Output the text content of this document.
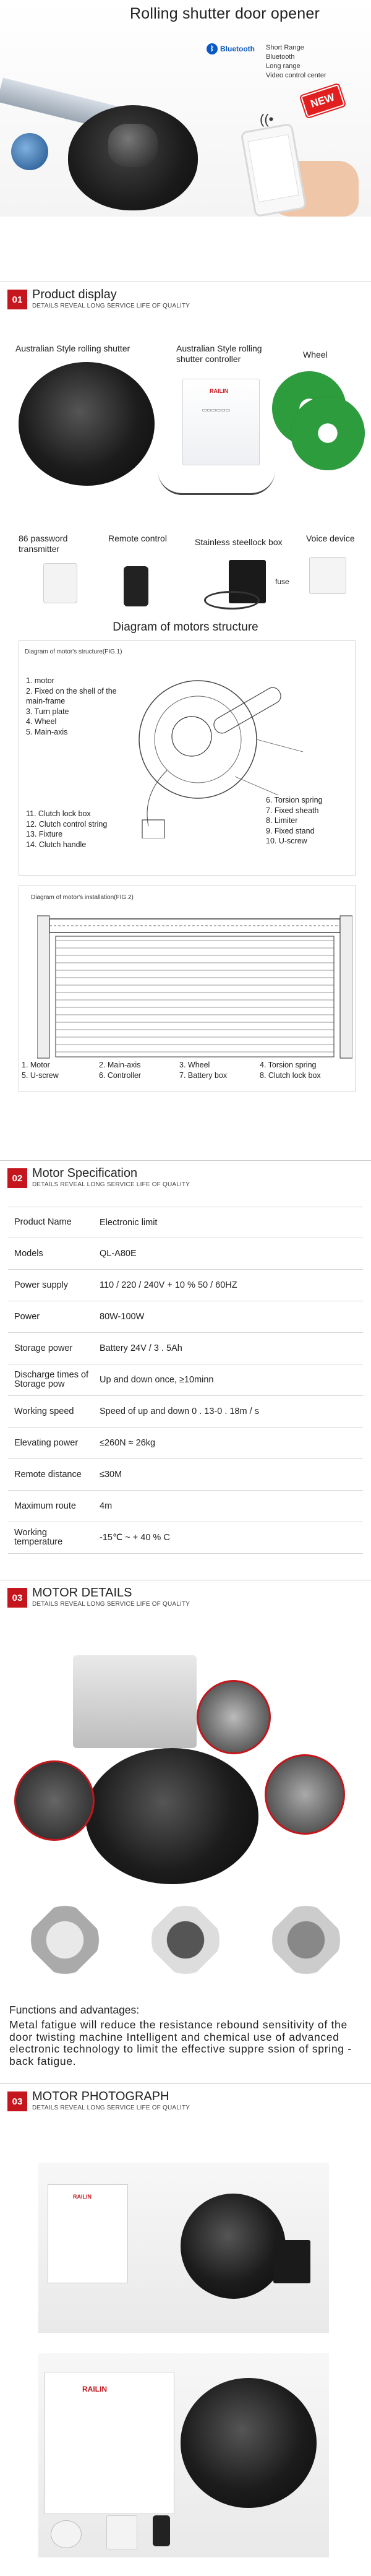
Rolling shutter door opener
ᛒ Bluetooth Short Range
Bluetooth
Long range
Video control center
((•
NEW
01 Product display
DETAILS REVEAL LONG SERVICE LIFE OF QUALITY
Australian Style rolling shutter	Australian Style rolling shutter controller	Wheel
RAILIN
▭▭▭▭▭▭
86 password transmitter
Remote control	Stainless steellock box	Voice device
fuse
Diagram of motors structure
Diagram of motor's structure(FIG.1)
1. motor
2. Fixed on the shell of the main-frame
3. Turn plate
4. Wheel
5. Main-axis
11. Clutch lock box
12. Clutch control string
13. Fixture
14. Clutch handle
6. Torsion spring
7. Fixed sheath
8. Limiter
9. Fixed stand
10. U-screw
Diagram of motor's installation(FIG.2)
1. Motor	2. Main-axis	3. Wheel	4. Torsion spring
5. U-screw	6. Controller	7. Battery box	8. Clutch lock box
02 Motor Specification
DETAILS REVEAL LONG SERVICE LIFE OF QUALITY
Product Name	Electronic limit
Models	QL-A80E
Power supply	110 / 220 / 240V + 10 % 50 / 60HZ
Power	80W-100W
Storage power	Battery 24V / 3 . 5Ah
Discharge times of Storage pow	Up and down once, ≥10minn
Working speed	Speed of up and down 0 . 13-0 . 18m / s
Elevating power	≤260N ≈ 26kg
Remote distance	≤30M
Maximum route	4m
Working temperature	-15℃ ~ + 40 % C
03 MOTOR DETAILS
DETAILS REVEAL LONG SERVICE LIFE OF QUALITY
Functions and advantages:
Metal fatigue will reduce the resistance rebound sensitivity of the door twisting machine Intelligent and chemical use of advanced electronic technology to limit the effective suppre ssion of spring - back fatigue.
03 MOTOR PHOTOGRAPH
DETAILS REVEAL LONG SERVICE LIFE OF QUALITY
RAILIN
RAILIN
